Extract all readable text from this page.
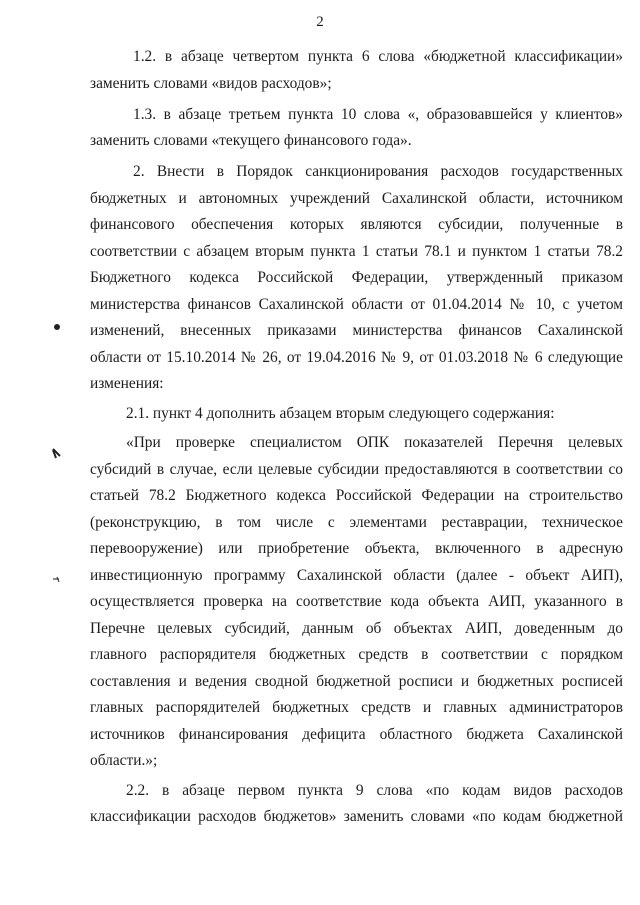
2
1.2. в абзаце четвертом пункта 6 слова «бюджетной классификации»
заменить словами «видов расходов»;
1.3. в абзаце третьем пункта 10 слова «, образовавшейся у клиентов»
заменить словами «текущего финансового года».
2. Внести в Порядок санкционирования расходов государственных
бюджетных и автономных учреждений Сахалинской области, источником
финансового обеспечения которых являются субсидии, полученные в
соответствии с абзацем вторым пункта 1 статьи 78.1 и пунктом 1 статьи 78.2
Бюджетного кодекса Российской Федерации, утвержденный приказом
министерства финансов Сахалинской области от 01.04.2014 № 10, с учетом
изменений, внесенных приказами министерства финансов Сахалинской
области от 15.10.2014 № 26, от 19.04.2016 № 9, от 01.03.2018 № 6 следующие
изменения:
2.1. пункт 4 дополнить абзацем вторым следующего содержания:
«При проверке специалистом ОПК показателей Перечня целевых
субсидий в случае, если целевые субсидии предоставляются в соответствии со
статьей 78.2 Бюджетного кодекса Российской Федерации на строительство
(реконструкцию, в том числе с элементами реставрации, техническое
перевооружение) или приобретение объекта, включенного в адресную
инвестиционную программу Сахалинской области (далее - объект АИП),
осуществляется проверка на соответствие кода объекта АИП, указанного в
Перечне целевых субсидий, данным об объектах АИП, доведенным до
главного распорядителя бюджетных средств в соответствии с порядком
составления и ведения сводной бюджетной росписи и бюджетных росписей
главных распорядителей бюджетных средств и главных администраторов
источников финансирования дефицита областного бюджета Сахалинской
области.»;
2.2. в абзаце первом пункта 9 слова «по кодам видов расходов
классификации расходов бюджетов» заменить словами «по кодам бюджетной
